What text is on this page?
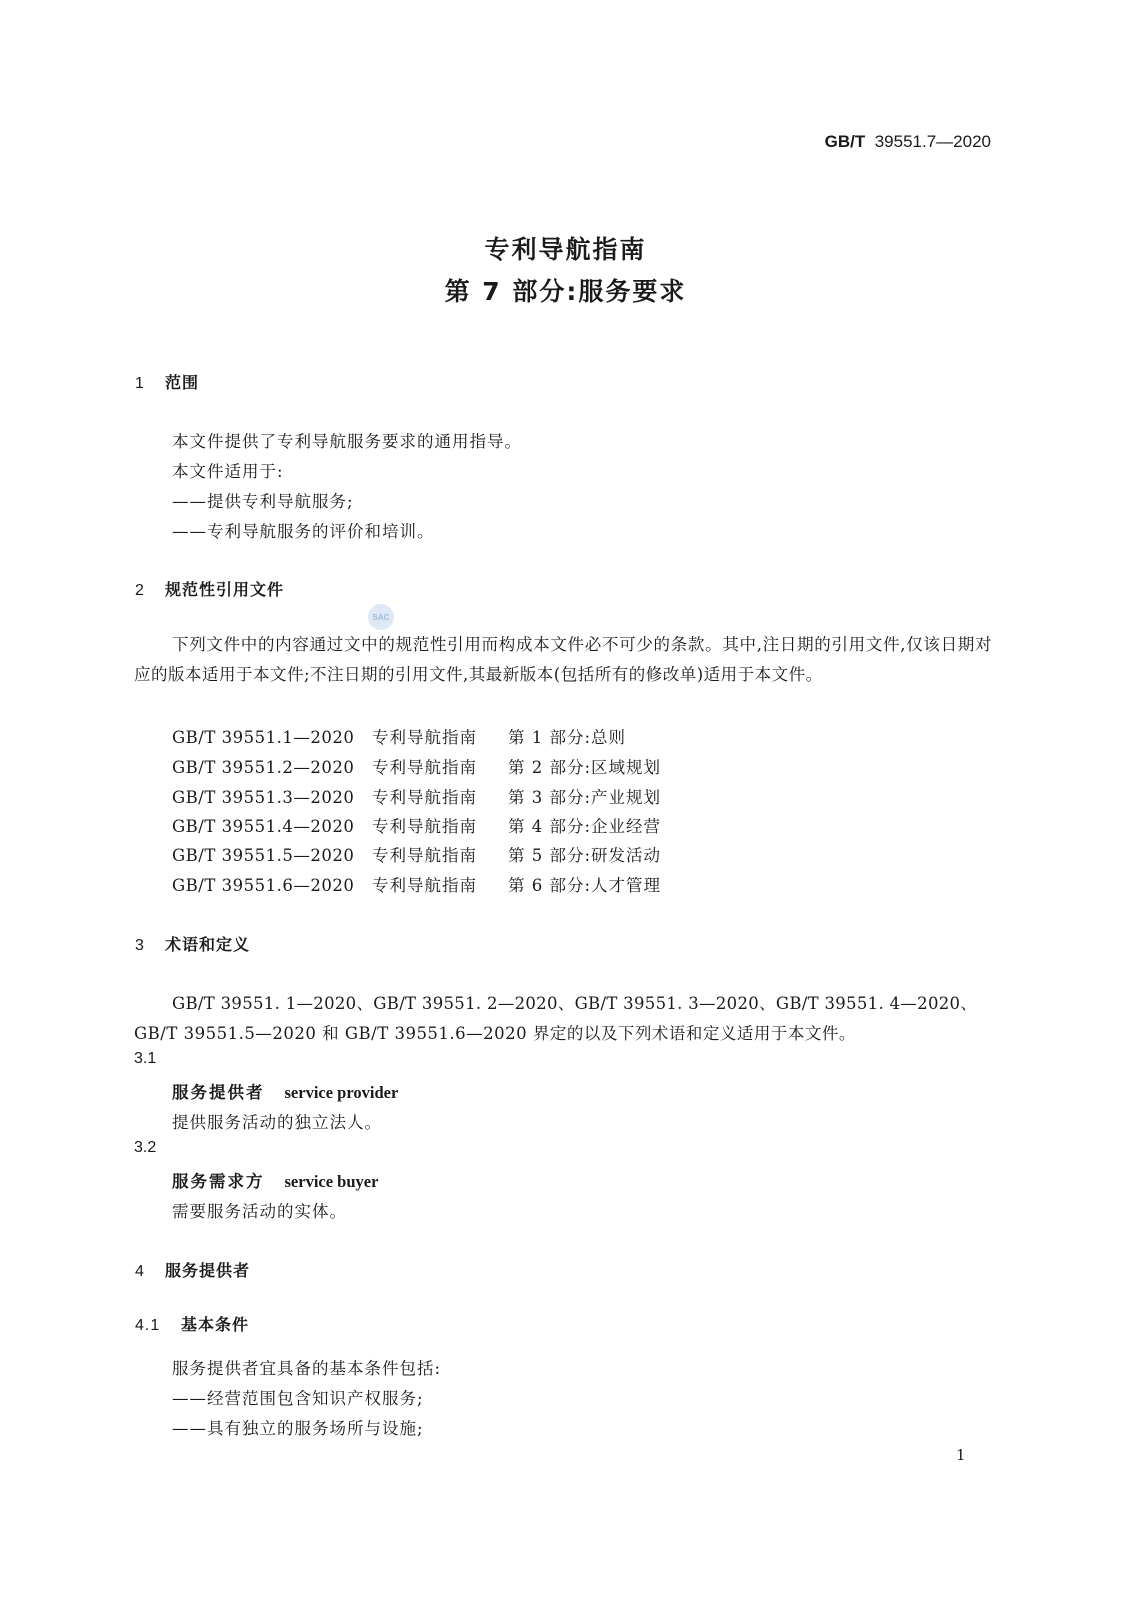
GB/T 39551.7—2020
专利导航指南
第 7 部分:服务要求
SAC
1 范围
本文件提供了专利导航服务要求的通用指导。
本文件适用于:
——提供专利导航服务;
——专利导航服务的评价和培训。
2 规范性引用文件
下列文件中的内容通过文中的规范性引用而构成本文件必不可少的条款。其中,注日期的引用文件,仅该日期对应的版本适用于本文件;不注日期的引用文件,其最新版本(包括所有的修改单)适用于本文件。
GB/T 39551.1—2020 专利导航指南 第 1 部分:总则
GB/T 39551.2—2020 专利导航指南 第 2 部分:区域规划
GB/T 39551.3—2020 专利导航指南 第 3 部分:产业规划
GB/T 39551.4—2020 专利导航指南 第 4 部分:企业经营
GB/T 39551.5—2020 专利导航指南 第 5 部分:研发活动
GB/T 39551.6—2020 专利导航指南 第 6 部分:人才管理
3 术语和定义
GB/T 39551. 1—2020、GB/T 39551. 2—2020、GB/T 39551. 3—2020、GB/T 39551. 4—2020、
GB/T 39551.5—2020 和 GB/T 39551.6—2020 界定的以及下列术语和定义适用于本文件。
3.1
服务提供者 service provider
提供服务活动的独立法人。
3.2
服务需求方 service buyer
需要服务活动的实体。
4 服务提供者
4.1 基本条件
服务提供者宜具备的基本条件包括:
——经营范围包含知识产权服务;
——具有独立的服务场所与设施;
1
